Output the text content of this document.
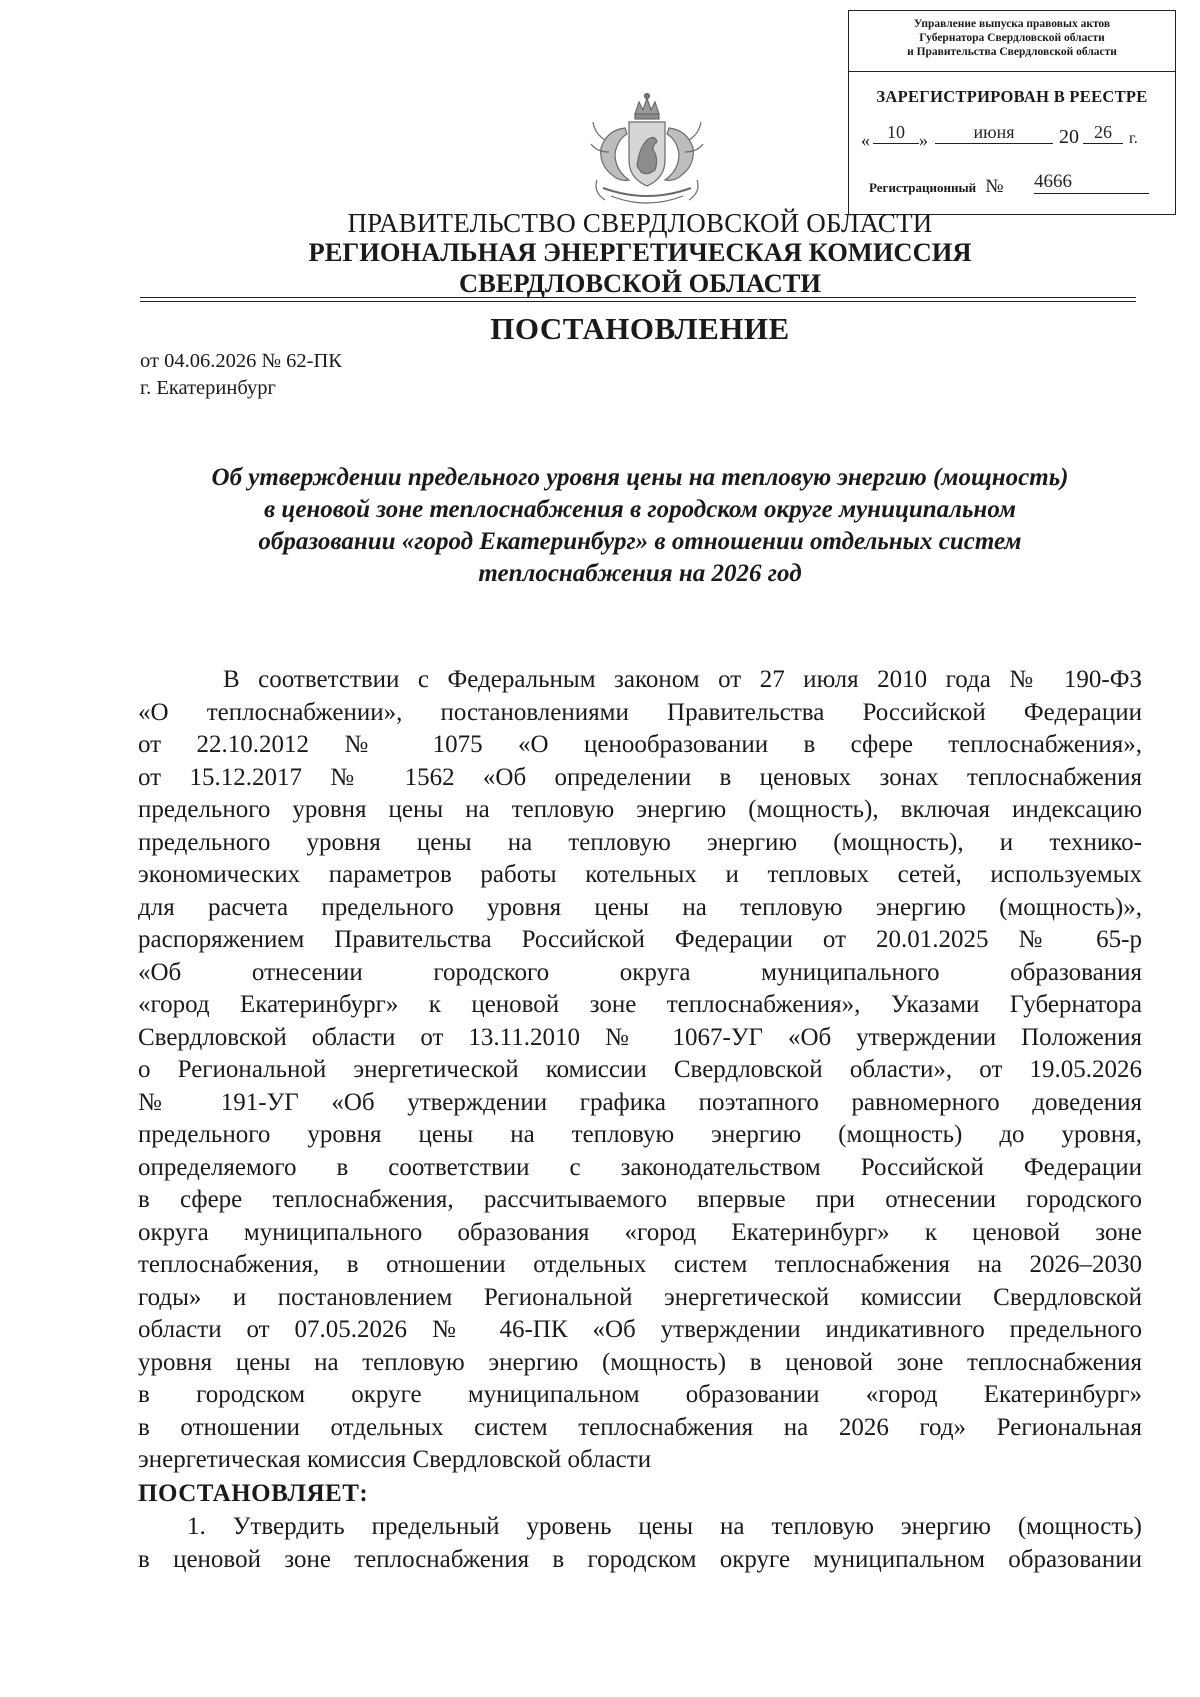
Управление выпуска правовых актов
Губернатора Свердловской области
и Правительства Свердловской области
ЗАРЕГИСТРИРОВАН В РЕЕСТРЕ
« 10 »	июня	20 26	г.
Регистрационный № 4666
ПРАВИТЕЛЬСТВО СВЕРДЛОВСКОЙ ОБЛАСТИ
РЕГИОНАЛЬНАЯ ЭНЕРГЕТИЧЕСКАЯ КОМИССИЯ
СВЕРДЛОВСКОЙ ОБЛАСТИ
ПОСТАНОВЛЕНИЕ
от 04.06.2026 № 62-ПК
г. Екатеринбург
Об утверждении предельного уровня цены на тепловую энергию (мощность)
в ценовой зоне теплоснабжения в городском округе муниципальном
образовании «город Екатеринбург» в отношении отдельных систем
теплоснабжения на 2026 год
В соответствии с Федеральным законом от 27 июля 2010 года № 190-ФЗ
«О теплоснабжении», постановлениями Правительства Российской Федерации
от 22.10.2012 № 1075 «О ценообразовании в сфере теплоснабжения»,
от 15.12.2017 № 1562 «Об определении в ценовых зонах теплоснабжения
предельного уровня цены на тепловую энергию (мощность), включая индексацию
предельного уровня цены на тепловую энергию (мощность), и технико-
экономических параметров работы котельных и тепловых сетей, используемых
для расчета предельного уровня цены на тепловую энергию (мощность)»,
распоряжением Правительства Российской Федерации от 20.01.2025 № 65-р
«Об отнесении городского округа муниципального образования
«город Екатеринбург» к ценовой зоне теплоснабжения», Указами Губернатора
Свердловской области от 13.11.2010 № 1067-УГ «Об утверждении Положения
о Региональной энергетической комиссии Свердловской области», от 19.05.2026
№ 191-УГ «Об утверждении графика поэтапного равномерного доведения
предельного уровня цены на тепловую энергию (мощность) до уровня,
определяемого в соответствии с законодательством Российской Федерации
в сфере теплоснабжения, рассчитываемого впервые при отнесении городского
округа муниципального образования «город Екатеринбург» к ценовой зоне
теплоснабжения, в отношении отдельных систем теплоснабжения на 2026–2030
годы» и постановлением Региональной энергетической комиссии Свердловской
области от 07.05.2026 № 46-ПК «Об утверждении индикативного предельного
уровня цены на тепловую энергию (мощность) в ценовой зоне теплоснабжения
в городском округе муниципальном образовании «город Екатеринбург»
в отношении отдельных систем теплоснабжения на 2026 год» Региональная
энергетическая комиссия Свердловской области
ПОСТАНОВЛЯЕТ:
1. Утвердить предельный уровень цены на тепловую энергию (мощность)
в ценовой зоне теплоснабжения в городском округе муниципальном образовании
